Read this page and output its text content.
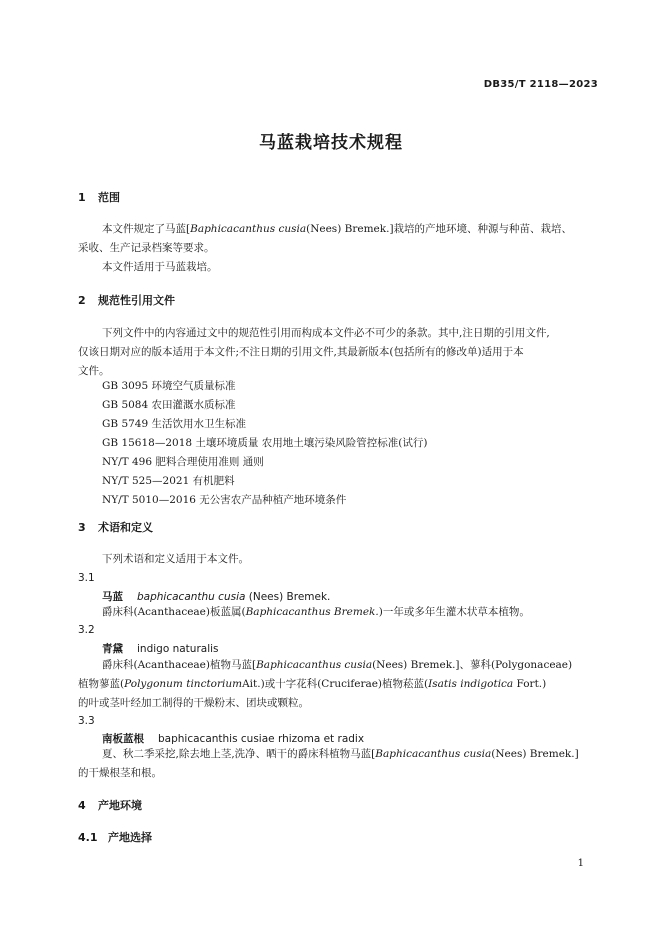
DB35/T 2118—2023
马蓝栽培技术规程
1 范围
本文件规定了马蓝[Baphicacanthus cusia(Nees) Bremek.]栽培的产地环境、种源与种苗、栽培、
采收、生产记录档案等要求。
本文件适用于马蓝栽培。
2 规范性引用文件
下列文件中的内容通过文中的规范性引用而构成本文件必不可少的条款。其中,注日期的引用文件,
仅该日期对应的版本适用于本文件;不注日期的引用文件,其最新版本(包括所有的修改单)适用于本
文件。
GB 3095 环境空气质量标准
GB 5084 农田灌溉水质标准
GB 5749 生活饮用水卫生标准
GB 15618—2018 土壤环境质量 农用地土壤污染风险管控标准(试行)
NY/T 496 肥料合理使用准则 通则
NY/T 525—2021 有机肥料
NY/T 5010—2016 无公害农产品种植产地环境条件
3 术语和定义
下列术语和定义适用于本文件。
3.1
马蓝 baphicacanthu cusia (Nees) Bremek.
爵床科(Acanthaceae)板蓝属(Baphicacanthus Bremek.)一年或多年生灌木状草本植物。
3.2
青黛 indigo naturalis
爵床科(Acanthaceae)植物马蓝[Baphicacanthus cusia(Nees) Bremek.]、蓼科(Polygonaceae)
植物蓼蓝(Polygonum tinctoriumAit.)或十字花科(Cruciferae)植物菘蓝(Isatis indigotica Fort.)
的叶或茎叶经加工制得的干燥粉末、团块或颗粒。
3.3
南板蓝根 baphicacanthis cusiae rhizoma et radix
夏、秋二季采挖,除去地上茎,洗净、晒干的爵床科植物马蓝[Baphicacanthus cusia(Nees) Bremek.]
的干燥根茎和根。
4 产地环境
4.1 产地选择
1
